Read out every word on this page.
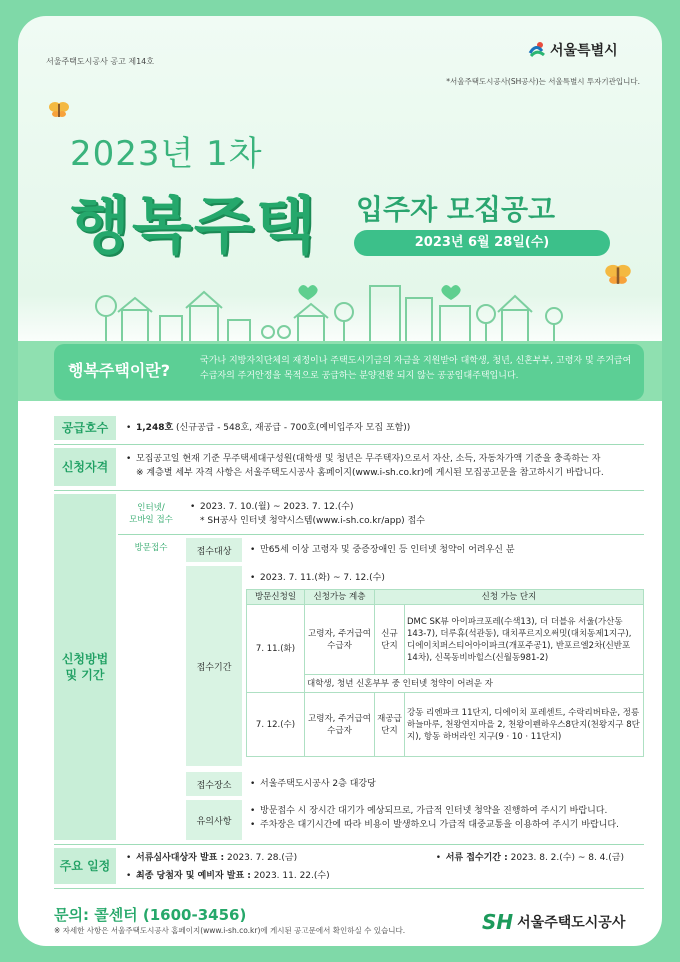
서울주택도시공사 공고 제14호
서울특별시
*서울주택도시공사(SH공사)는 서울특별시 투자기관입니다.
2023년 1차
행복주택 입주자 모집공고
2023년 6월 28일(수)
행복주택이란?	국가나 지방자치단체의 재정이나 주택도시기금의 자금을 지원받아 대학생, 청년, 신혼부부, 고령자 및 주거급여수급자의 주거안정을 목적으로 공급하는 분양전환 되지 않는 공공임대주택입니다.
공급호수	• 1,248호 (신규공급 - 548호, 재공급 - 700호(예비입주자 모집 포함))
신청자격
• 모집공고일 현재 기준 무주택세대구성원(대학생 및 청년은 무주택자)으로서 자산, 소득, 자동차가액 기준을 충족하는 자
※ 계층별 세부 자격 사항은 서울주택도시공사 홈페이지(www.i-sh.co.kr)에 게시된 모집공고문을 참고하시기 바랍니다.
신청방법
및 기간
인터넷/
모바일 접수
• 2023. 7. 10.(월) ~ 2023. 7. 12.(수)
* SH공사 인터넷 청약시스템(www.i-sh.co.kr/app) 접수
방문접수	접수대상	• 만65세 이상 고령자 및 중증장애인 등 인터넷 청약이 어려우신 분
접수기간
• 2023. 7. 11.(화) ~ 7. 12.(수)
방문신청일	신청가능 계층	신청 가능 단지	
7. 11.(화)	고령자, 주거급여 수급자	신규 단지	DMC SK뷰 아이파크포레(수색13), 더 더블유 서울(가산동143-7), 더루휴(석관동), 대치푸르지오써밋(대치동제1지구), 디에이치퍼스티어아이파크(개포주공1), 반포르엘2차(신반포14차), 신목동비바힐스(신월동981-2)
	대학생, 청년 신혼부부 중 인터넷 청약이 어려운 자		
7. 12.(수)	고령자, 주거급여 수급자	재공급 단지	강동 리엔파크 11단지, 디에이치 포레센트, 수락리버타운, 정릉 하늘마루, 천왕연지마을 2, 천왕이펜하우스8단지(천왕지구 8단지), 항동 하버라인 지구(9 · 10 · 11단지)
접수장소	• 서울주택도시공사 2층 대강당
유의사항
• 방문접수 시 장시간 대기가 예상되므로, 가급적 인터넷 청약을 진행하여 주시기 바랍니다.
• 주차장은 대기시간에 따라 비용이 발생하오니 가급적 대중교통을 이용하여 주시기 바랍니다.
주요 일정
• 서류심사대상자 발표 : 2023. 7. 28.(금)	• 서류 접수기간 : 2023. 8. 2.(수) ~ 8. 4.(금)
• 최종 당첨자 및 예비자 발표 : 2023. 11. 22.(수)
문의: 콜센터 (1600-3456)
※ 자세한 사항은 서울주택도시공사 홈페이지(www.i-sh.co.kr)에 게시된 공고문에서 확인하실 수 있습니다.	SH 서울주택도시공사
